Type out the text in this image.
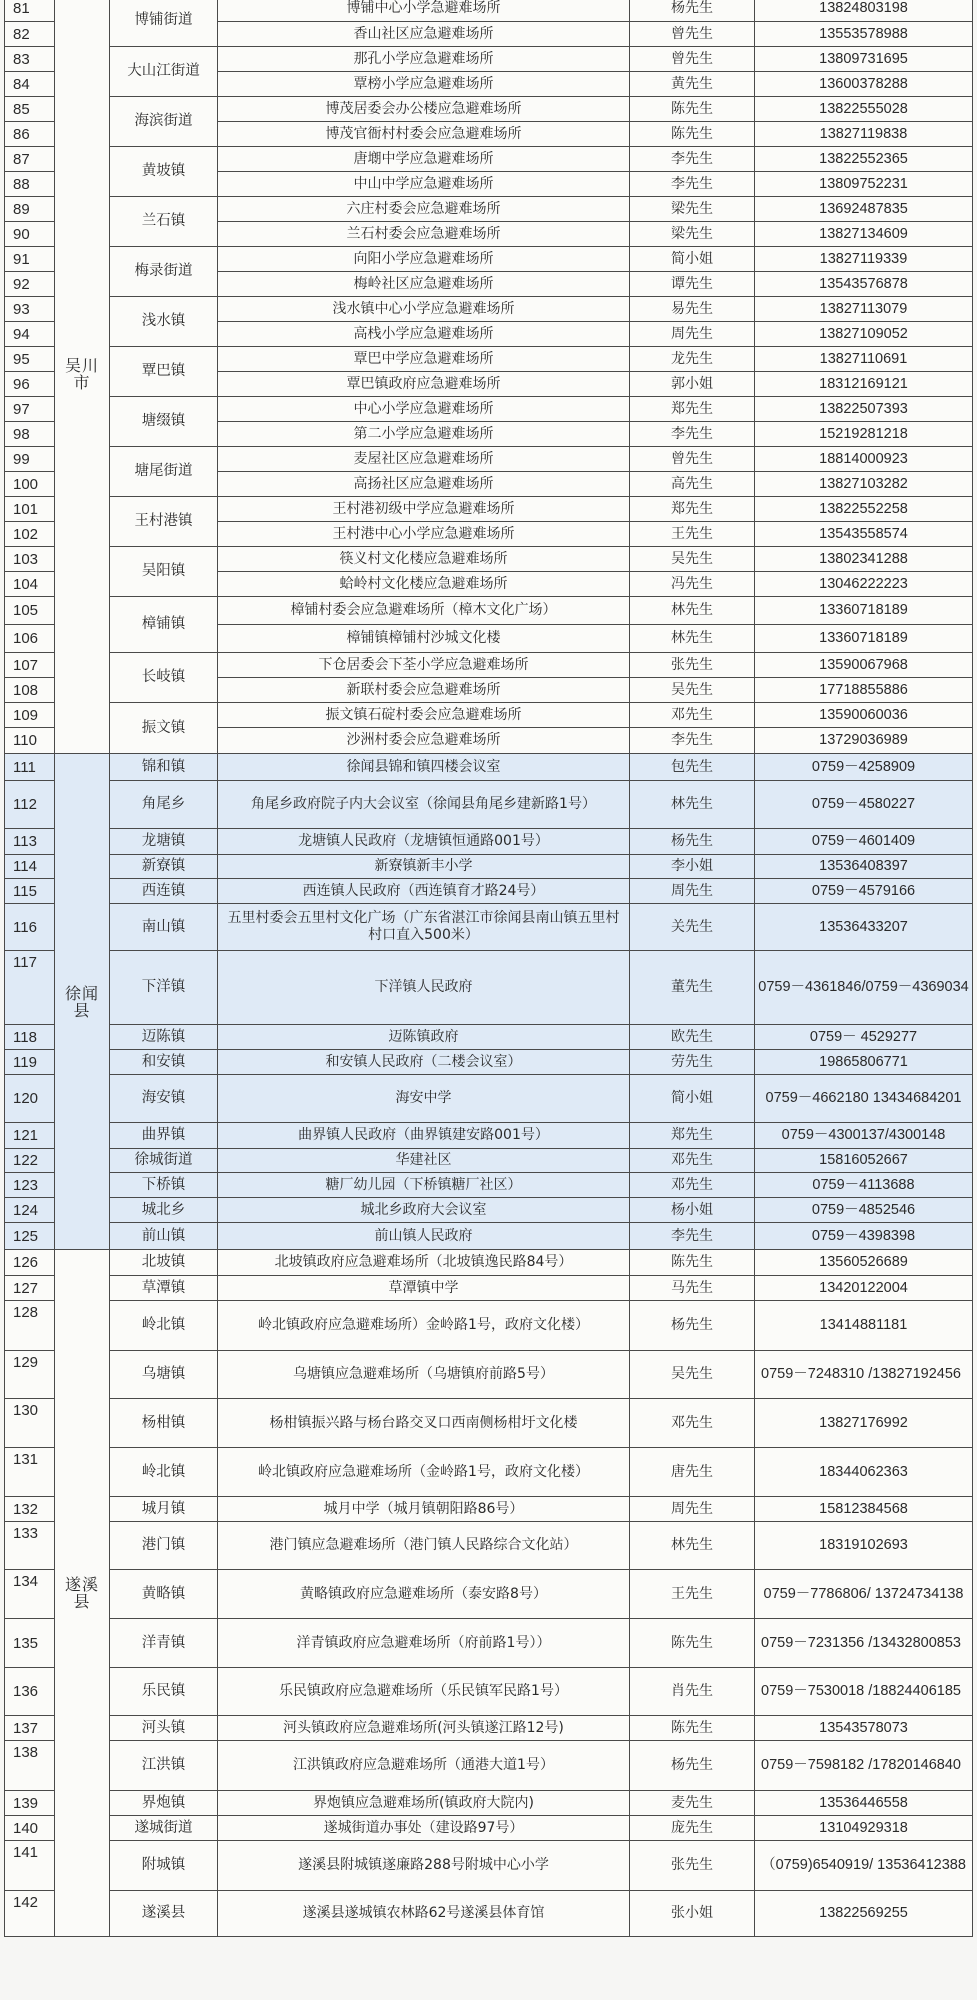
81	吴川市	博铺街道	博铺中心小学急避难场所	杨先生	13824803198
82			香山社区应急避难场所	曾先生	13553578988
83		大山江街道	那孔小学应急避难场所	曾先生	13809731695
84			覃榜小学应急避难场所	黄先生	13600378288
85		海滨街道	博茂居委会办公楼应急避难场所	陈先生	13822555028
86			博茂官衙村村委会应急避难场所	陈先生	13827119838
87		黄坡镇	唐㙟中学应急避难场所	李先生	13822552365
88			中山中学应急避难场所	李先生	13809752231
89		兰石镇	六庄村委会应急避难场所	梁先生	13692487835
90			兰石村委会应急避难场所	梁先生	13827134609
91		梅录街道	向阳小学应急避难场所	简小姐	13827119339
92			梅岭社区应急避难场所	谭先生	13543576878
93		浅水镇	浅水镇中心小学应急避难场所	易先生	13827113079
94			高栈小学应急避难场所	周先生	13827109052
95		覃巴镇	覃巴中学应急避难场所	龙先生	13827110691
96			覃巴镇政府应急避难场所	郭小姐	18312169121
97		塘缀镇	中心小学应急避难场所	郑先生	13822507393
98			第二小学应急避难场所	李先生	15219281218
99		塘尾街道	麦屋社区应急避难场所	曾先生	18814000923
100			高扬社区应急避难场所	高先生	13827103282
101		王村港镇	王村港初级中学应急避难场所	郑先生	13822552258
102			王村港中心小学应急避难场所	王先生	13543558574
103		吴阳镇	筷义村文化楼应急避难场所	吴先生	13802341288
104			蛤岭村文化楼应急避难场所	冯先生	13046222223
105		樟铺镇	樟铺村委会应急避难场所（樟木文化广场）	林先生	13360718189
106			樟铺镇樟铺村沙城文化楼	林先生	13360718189
107		长岐镇	下仓居委会下荃小学应急避难场所	张先生	13590067968
108			新联村委会应急避难场所	吴先生	17718855886
109		振文镇	振文镇石碇村委会应急避难场所	邓先生	13590060036
110			沙洲村委会应急避难场所	李先生	13729036989
111	徐闻县	锦和镇	徐闻县锦和镇四楼会议室	包先生	0759－4258909
112		角尾乡	角尾乡政府院子内大会议室（徐闻县角尾乡建新路1号）	林先生	0759－4580227
113		龙塘镇	龙塘镇人民政府（龙塘镇恒通路001号）	杨先生	0759－4601409
114		新寮镇	新寮镇新丰小学	李小姐	13536408397
115		西连镇	西连镇人民政府（西连镇育才路24号）	周先生	0759－4579166
116		南山镇	五里村委会五里村文化广场（广东省湛江市徐闻县南山镇五里村村口直入500米）	关先生	13536433207
117		下洋镇	下洋镇人民政府	董先生	0759－4361846/0759－4369034
118		迈陈镇	迈陈镇政府	欧先生	0759－ 4529277
119		和安镇	和安镇人民政府（二楼会议室）	劳先生	19865806771
120		海安镇	海安中学	简小姐	0759－4662180 13434684201
121		曲界镇	曲界镇人民政府（曲界镇建安路001号）	郑先生	0759－4300137/4300148
122		徐城街道	华建社区	邓先生	15816052667
123		下桥镇	糖厂幼儿园（下桥镇糖厂社区）	邓先生	0759－4113688
124		城北乡	城北乡政府大会议室	杨小姐	0759－4852546
125		前山镇	前山镇人民政府	李先生	0759－4398398
126	遂溪县	北坡镇	北坡镇政府应急避难场所（北坡镇逸民路84号）	陈先生	13560526689
127		草潭镇	草潭镇中学	马先生	13420122004
128		岭北镇	岭北镇政府应急避难场所）金岭路1号，政府文化楼）	杨先生	13414881181
129		乌塘镇	乌塘镇应急避难场所（乌塘镇府前路5号）	吴先生	0759－7248310 /13827192456
130		杨柑镇	杨柑镇振兴路与杨台路交叉口西南侧杨柑圩文化楼	邓先生	13827176992
131		岭北镇	岭北镇政府应急避难场所（金岭路1号，政府文化楼）	唐先生	18344062363
132		城月镇	城月中学（城月镇朝阳路86号）	周先生	15812384568
133		港门镇	港门镇应急避难场所（港门镇人民路综合文化站）	林先生	18319102693
134		黄略镇	黄略镇政府应急避难场所（泰安路8号）	王先生	0759－7786806/ 13724734138
135		洋青镇	洋青镇政府应急避难场所（府前路1号））	陈先生	0759－7231356 /13432800853
136		乐民镇	乐民镇政府应急避难场所（乐民镇军民路1号）	肖先生	0759－7530018 /18824406185
137		河头镇	河头镇政府应急避难场所(河头镇遂江路12号)	陈先生	13543578073
138		江洪镇	江洪镇政府应急避难场所（通港大道1号）	杨先生	0759－7598182 /17820146840
139		界炮镇	界炮镇应急避难场所(镇政府大院内)	麦先生	13536446558
140		遂城街道	遂城街道办事处（建设路97号）	庞先生	13104929318
141		附城镇	遂溪县附城镇遂廉路288号附城中心小学	张先生	（0759)6540919/ 13536412388
142		遂溪县	遂溪县遂城镇农林路62号遂溪县体育馆	张小姐	13822569255
